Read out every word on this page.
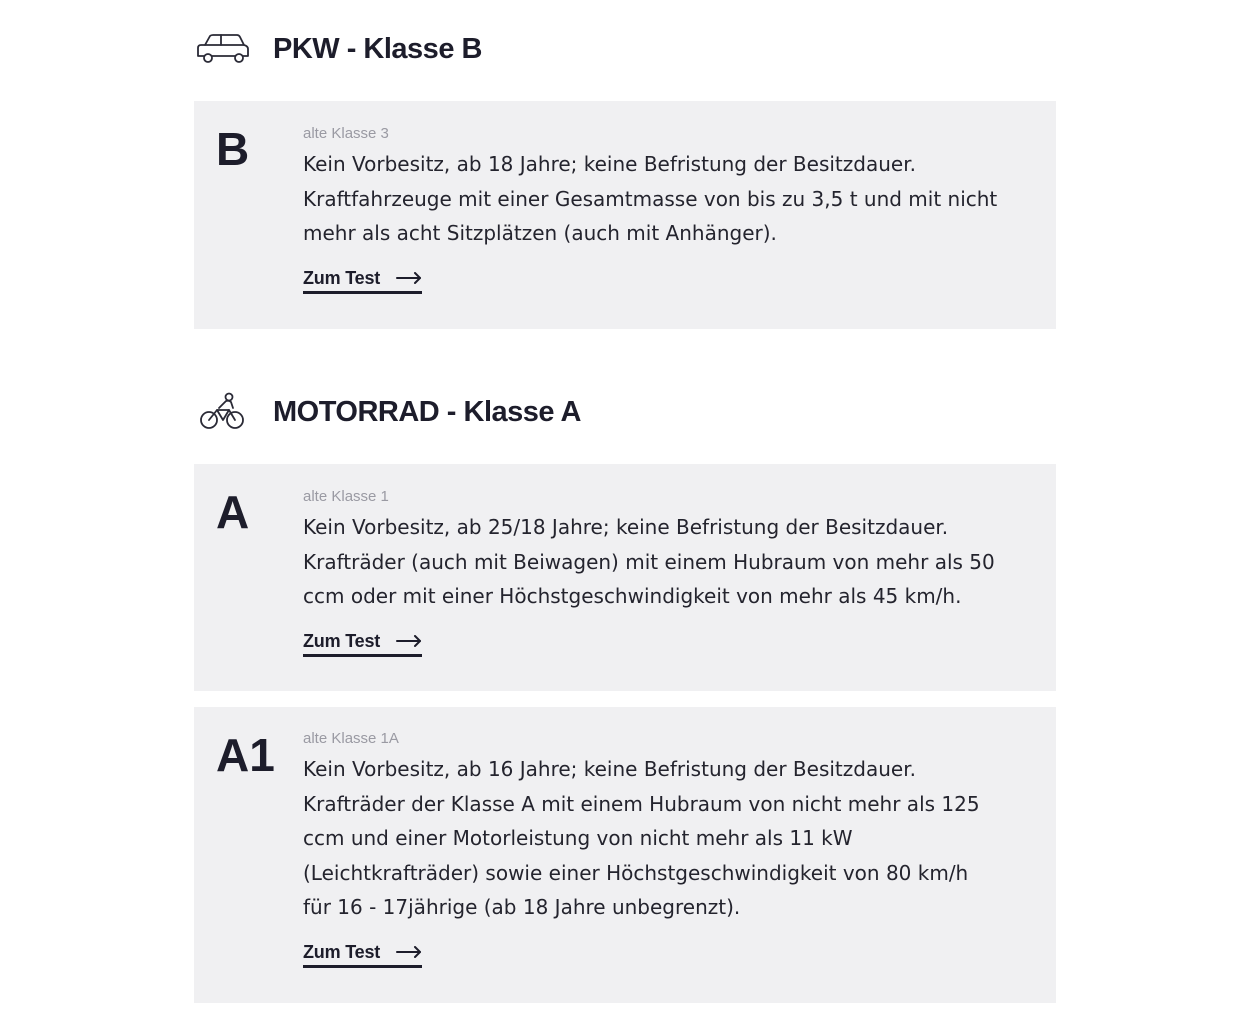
PKW - Klasse B
B	alte Klasse 3

Kein Vorbesitz, ab 18 Jahre; keine Befristung der Besitzdauer.
Kraftfahrzeuge mit einer Gesamtmasse von bis zu 3,5 t und mit nicht
mehr als acht Sitzplätzen (auch mit Anhänger).

Zum Test
MOTORRAD - Klasse A
A	alte Klasse 1

Kein Vorbesitz, ab 25/18 Jahre; keine Befristung der Besitzdauer.
Krafträder (auch mit Beiwagen) mit einem Hubraum von mehr als 50
ccm oder mit einer Höchstgeschwindigkeit von mehr als 45 km/h.

Zum Test
A1 alte Klasse 1A

Kein Vorbesitz, ab 16 Jahre; keine Befristung der Besitzdauer.
Krafträder der Klasse A mit einem Hubraum von nicht mehr als 125
ccm und einer Motorleistung von nicht mehr als 11 kW
(Leichtkrafträder) sowie einer Höchstgeschwindigkeit von 80 km/h
für 16 - 17jährige (ab 18 Jahre unbegrenzt).

Zum Test
